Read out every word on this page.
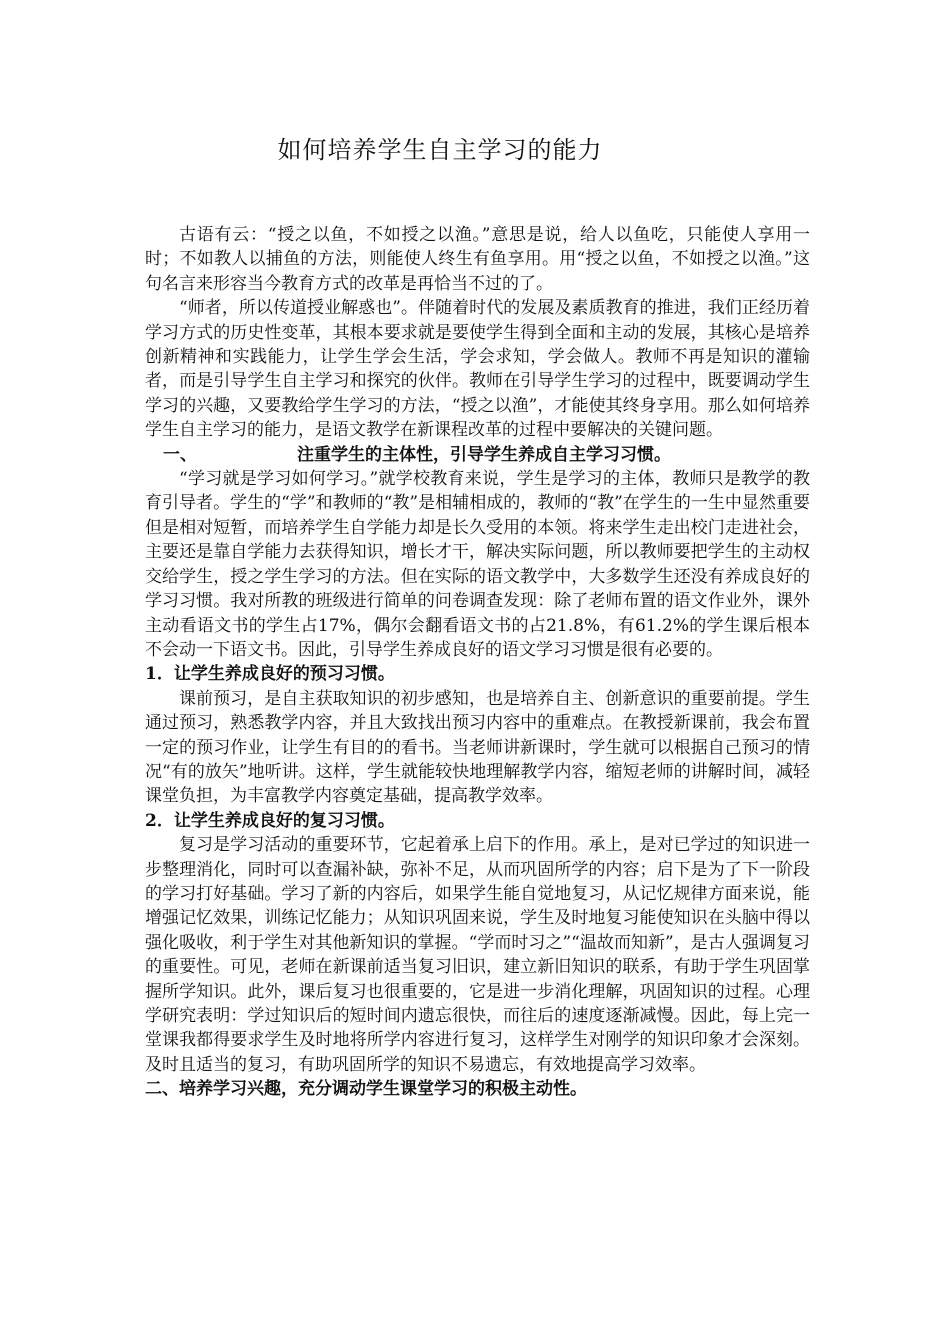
如何培养学生自主学习的能力

古语有云：“授之以鱼，不如授之以渔。”意思是说，给人以鱼吃，只能使人享用一时；不如教人以捕鱼的方法，则能使人终生有鱼享用。用“授之以鱼，不如授之以渔。”这句名言来形容当今教育方式的改革是再恰当不过的了。

“师者，所以传道授业解惑也”。伴随着时代的发展及素质教育的推进，我们正经历着学习方式的历史性变革，其根本要求就是要使学生得到全面和主动的发展，其核心是培养创新精神和实践能力，让学生学会生活，学会求知，学会做人。教师不再是知识的灌输者，而是引导学生自主学习和探究的伙伴。教师在引导学生学习的过程中，既要调动学生学习的兴趣，又要教给学生学习的方法，“授之以渔”，才能使其终身享用。那么如何培养学生自主学习的能力，是语文教学在新课程改革的过程中要解决的关键问题。

一、	注重学生的主体性，引导学生养成自主学习习惯。

“学习就是学习如何学习。”就学校教育来说，学生是学习的主体，教师只是教学的教育引导者。学生的“学”和教师的“教”是相辅相成的，教师的“教”在学生的一生中显然重要但是相对短暂，而培养学生自学能力却是长久受用的本领。将来学生走出校门走进社会，主要还是靠自学能力去获得知识，增长才干，解决实际问题，所以教师要把学生的主动权交给学生，授之学生学习的方法。但在实际的语文教学中，大多数学生还没有养成良好的学习习惯。我对所教的班级进行简单的问卷调查发现：除了老师布置的语文作业外，课外主动看语文书的学生占17%，偶尔会翻看语文书的占21.8%，有61.2%的学生课后根本不会动一下语文书。因此，引导学生养成良好的语文学习习惯是很有必要的。

1．让学生养成良好的预习习惯。

课前预习，是自主获取知识的初步感知，也是培养自主、创新意识的重要前提。学生通过预习，熟悉教学内容，并且大致找出预习内容中的重难点。在教授新课前，我会布置一定的预习作业，让学生有目的的看书。当老师讲新课时，学生就可以根据自己预习的情况“有的放矢”地听讲。这样，学生就能较快地理解教学内容，缩短老师的讲解时间，减轻课堂负担，为丰富教学内容奠定基础，提高教学效率。

2．让学生养成良好的复习习惯。

复习是学习活动的重要环节，它起着承上启下的作用。承上，是对已学过的知识进一步整理消化，同时可以查漏补缺，弥补不足，从而巩固所学的内容；启下是为了下一阶段的学习打好基础。学习了新的内容后，如果学生能自觉地复习，从记忆规律方面来说，能增强记忆效果，训练记忆能力；从知识巩固来说，学生及时地复习能使知识在头脑中得以强化吸收，利于学生对其他新知识的掌握。“学而时习之”“温故而知新”，是古人强调复习的重要性。可见，老师在新课前适当复习旧识，建立新旧知识的联系，有助于学生巩固掌握所学知识。此外，课后复习也很重要的，它是进一步消化理解，巩固知识的过程。心理学研究表明：学过知识后的短时间内遗忘很快，而往后的速度逐渐减慢。因此，每上完一堂课我都得要求学生及时地将所学内容进行复习，这样学生对刚学的知识印象才会深刻。及时且适当的复习，有助巩固所学的知识不易遗忘，有效地提高学习效率。

二、培养学习兴趣，充分调动学生课堂学习的积极主动性。
